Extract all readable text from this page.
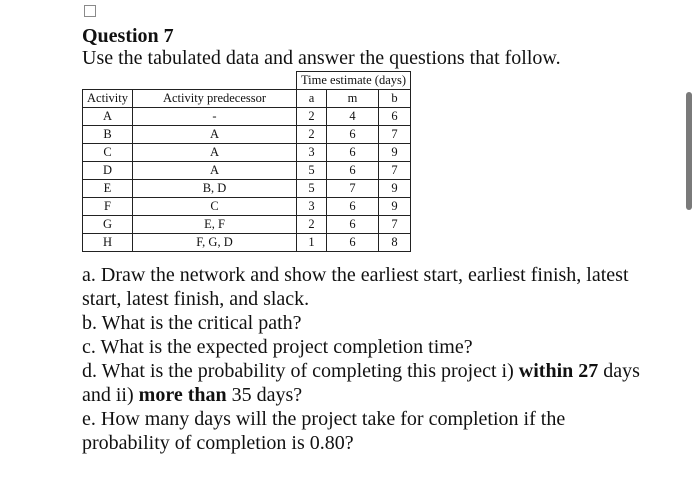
Question 7
Use the tabulated data and answer the questions that follow.
		Time estimate (days)		
Activity	Activity predecessor	a	m	b
A	-	2	4	6
B	A	2	6	7
C	A	3	6	9
D	A	5	6	7
E	B, D	5	7	9
F	C	3	6	9
G	E, F	2	6	7
H	F, G, D	1	6	8

a. Draw the network and show the earliest start, earliest finish, latest start, latest finish, and slack.

b. What is the critical path?

c. What is the expected project completion time?

d. What is the probability of completing this project i) within 27 days and ii) more than 35 days?

e. How many days will the project take for completion if the probability of completion is 0.80?
